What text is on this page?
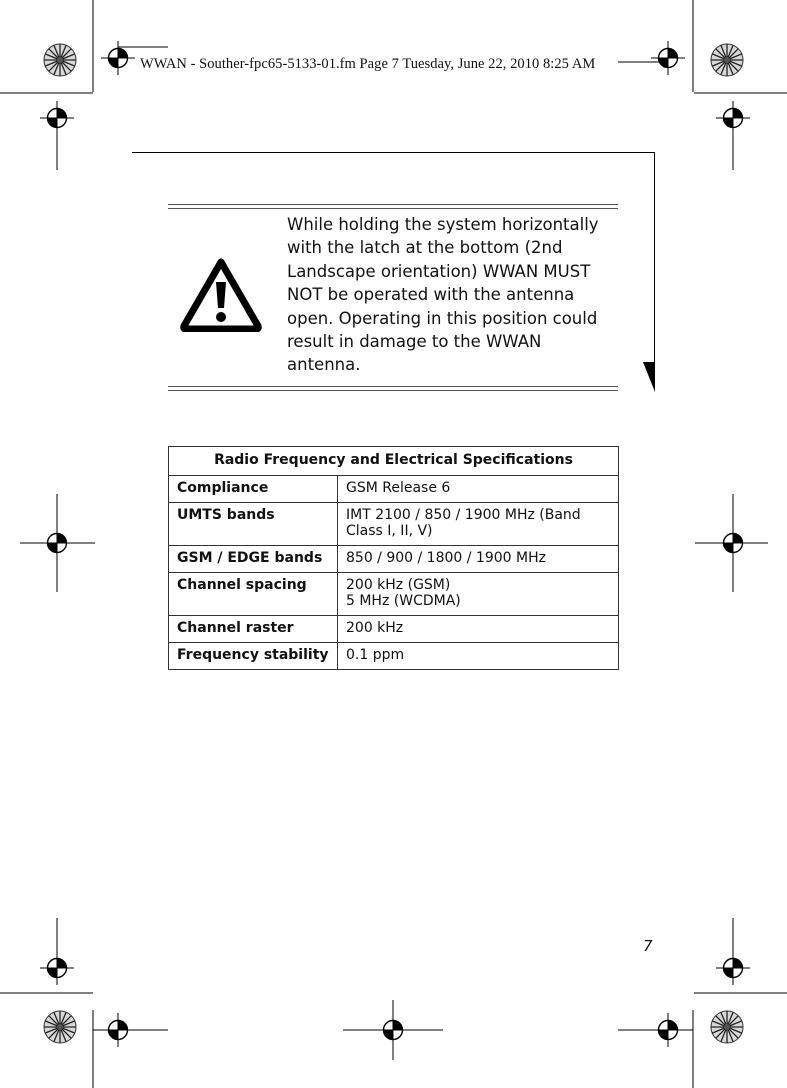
WWAN - Souther-fpc65-5133-01.fm Page 7 Tuesday, June 22, 2010 8:25 AM
While holding the system horizontally with the latch at the bottom (2nd Landscape orientation) WWAN MUST NOT be operated with the antenna open. Operating in this position could result in damage to the WWAN antenna.
Radio Frequency and Electrical Specifications	
Compliance	GSM Release 6
UMTS bands	IMT 2100 / 850 / 1900 MHz (Band Class I, II, V)
GSM / EDGE bands	850 / 900 / 1800 / 1900 MHz
Channel spacing	200 kHz (GSM)
5 MHz (WCDMA)

Channel raster	200 kHz
Frequency stability	0.1 ppm
7
